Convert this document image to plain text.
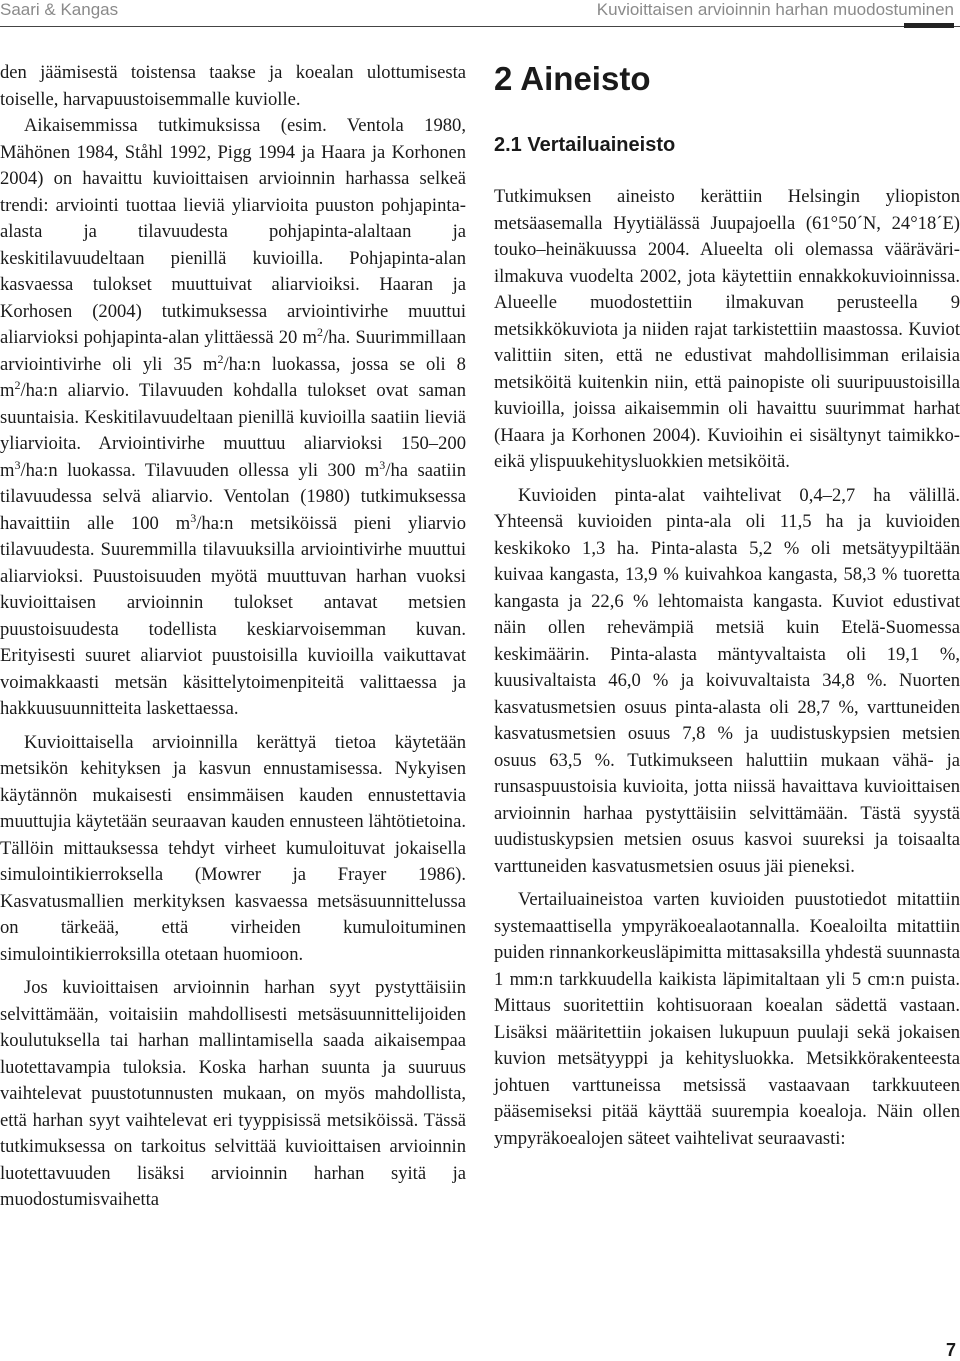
Saari & Kangas	Kuvioittaisen arvioinnin harhan muodostuminen

den jäämisestä toistensa taakse ja koealan ulottumisesta toiselle, harvapuustoisemmalle kuviolle.

Aikaisemmissa tutkimuksissa (esim. Ventola 1980, Mähönen 1984, Ståhl 1992, Pigg 1994 ja Haara ja Korhonen 2004) on havaittu kuvioittaisen arvioinnin harhassa selkeä trendi: arviointi tuottaa lieviä yliarvioita puuston pohjapinta-alasta ja tilavuudesta pohjapinta-alaltaan ja keskitilavuudeltaan pienillä kuvioilla. Pohjapinta-alan kasvaessa tulokset muuttuivat aliarvioiksi. Haaran ja Korhosen (2004) tutkimuksessa arviointivirhe muuttui aliarvioksi pohjapinta-alan ylittäessä 20 $m^2/ha$. Suurimmillaan arviointivirhe oli yli 35 $m^2/ha:n$ luokassa, jossa se oli 8 $m^2/ha:n$ aliarvio. Tilavuuden kohdalla tulokset ovat saman suuntaisia. Keskitilavuudeltaan pienillä kuvioilla saatiin lieviä yliarvioita. Arviointivirhe muuttuu aliarvioksi 150–200 $m^3/ha:n$ luokassa. Tilavuuden ollessa yli 300 $m^3/ha$ saatiin tilavuudessa selvä aliarvio. Ventolan (1980) tutkimuksessa havaittiin alle 100 $m^3/ha:n$ metsiköissä pieni yliarvio tilavuudesta. Suuremmilla tilavuuksilla arviointivirhe muuttui aliarvioksi. Puustoisuuden myötä muuttuvan harhan vuoksi kuvioittaisen arvioinnin tulokset antavat metsien puustoisuudesta todellista keskiarvoisemman kuvan. Erityisesti suuret aliarviot puustoisilla kuvioilla vaikuttavat voimakkaasti metsän käsittelytoimenpiteitä valittaessa ja hakkuusuunnitteita laskettaessa.

Kuvioittaisella arvioinnilla kerättyä tietoa käytetään metsikön kehityksen ja kasvun ennustamisessa. Nykyisen käytännön mukaisesti ensimmäisen kauden ennustettavia muuttujia käytetään seuraavan kauden ennusteen lähtötietoina. Tällöin mittauksessa tehdyt virheet kumuloituvat jokaisella simulointikierroksella (Mowrer ja Frayer 1986). Kasvatusmallien merkityksen kasvaessa metsäsuunnittelussa on tärkeää, että virheiden kumuloituminen simulointikierroksilla otetaan huomioon.

Jos kuvioittaisen arvioinnin harhan syyt pystyttäisiin selvittämään, voitaisiin mahdollisesti metsäsuunnittelijoiden koulutuksella tai harhan mallintamisella saada aikaisempaa luotettavampia tuloksia. Koska harhan suunta ja suuruus vaihtelevat puustotunnusten mukaan, on myös mahdollista, että harhan syyt vaihtelevat eri tyyppisissä metsiköissä. Tässä tutkimuksessa on tarkoitus selvittää kuvioittaisen arvioinnin luotettavuuden lisäksi arvioinnin harhan syitä ja muodostumisvaihetta

2 Aineisto
2.1 Vertailuaineisto

Tutkimuksen aineisto kerättiin Helsingin yliopiston metsäasemalla Hyytiälässä Juupajoella (61°50´N, 24°18´E) touko–heinäkuussa 2004. Alueelta oli olemassa vääräväri-ilmakuva vuodelta 2002, jota käytettiin ennakkokuvioinnissa. Alueelle muodostettiin ilmakuvan perusteella 9 metsikkökuviota ja niiden rajat tarkistettiin maastossa. Kuviot valittiin siten, että ne edustivat mahdollisimman erilaisia metsiköitä kuitenkin niin, että painopiste oli suuripuustoisilla kuvioilla, joissa aikaisemmin oli havaittu suurimmat harhat (Haara ja Korhonen 2004). Kuvioihin ei sisältynyt taimikko- eikä ylispuukehitysluokkien metsiköitä.

Kuvioiden pinta-alat vaihtelivat 0,4–2,7 ha välillä. Yhteensä kuvioiden pinta-ala oli 11,5 ha ja kuvioiden keskikoko 1,3 ha. Pinta-alasta 5,2 % oli metsätyypiltään kuivaa kangasta, 13,9 % kuivahkoa kangasta, 58,3 % tuoretta kangasta ja 22,6 % lehtomaista kangasta. Kuviot edustivat näin ollen rehevämpiä metsiä kuin Etelä-Suomessa keskimäärin. Pinta-alasta mäntyvaltaista oli 19,1 %, kuusivaltaista 46,0 % ja koivuvaltaista 34,8 %. Nuorten kasvatusmetsien osuus pinta-alasta oli 28,7 %, varttuneiden kasvatusmetsien osuus 7,8 % ja uudistuskypsien metsien osuus 63,5 %. Tutkimukseen haluttiin mukaan vähä- ja runsaspuustoisia kuvioita, jotta niissä havaittava kuvioittaisen arvioinnin harhaa pystyttäisiin selvittämään. Tästä syystä uudistuskypsien metsien osuus kasvoi suureksi ja toisaalta varttuneiden kasvatusmetsien osuus jäi pieneksi.

Vertailuaineistoa varten kuvioiden puustotiedot mitattiin systemaattisella ympyräkoealaotannalla. Koealoilta mitattiin puiden rinnankorkeusläpimitta mittasaksilla yhdestä suunnasta 1 mm:n tarkkuudella kaikista läpimitaltaan yli 5 cm:n puista. Mittaus suoritettiin kohtisuoraan koealan sädettä vastaan. Lisäksi määritettiin jokaisen lukupuun puulaji sekä jokaisen kuvion metsätyyppi ja kehitysluokka. Metsikkörakenteesta johtuen varttuneissa metsissä vastaavaan tarkkuuteen pääsemiseksi pitää käyttää suurempia koealoja. Näin ollen ympyräkoealojen säteet vaihtelivat seuraavasti:

7
